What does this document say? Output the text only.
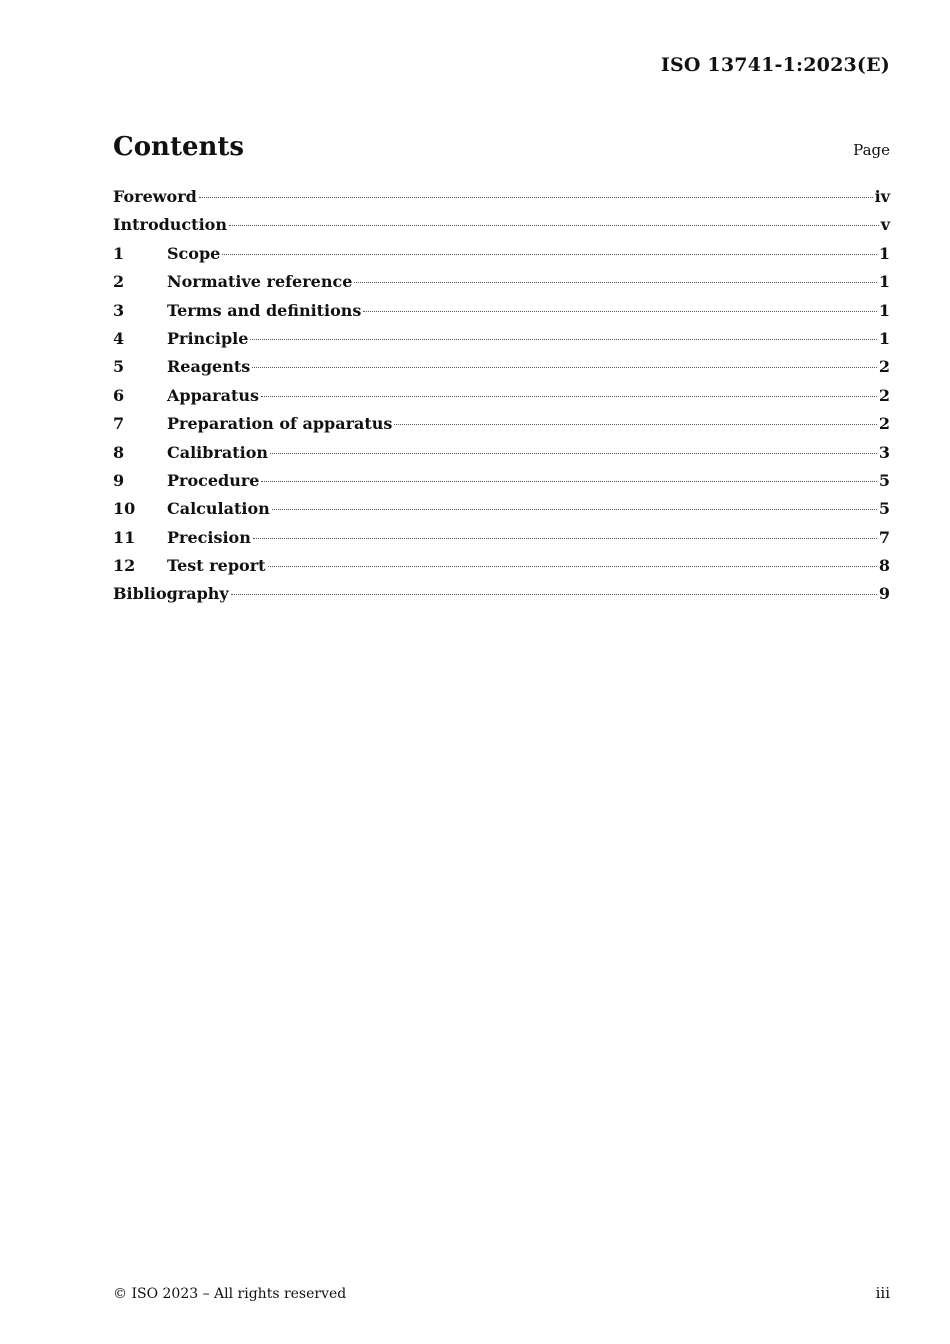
ISO 13741-1:2023(E)
Contents	Page
Foreword	iv
Introduction	v
1	Scope	1
2	Normative reference	1
3	Terms and definitions	1
4	Principle	1
5	Reagents	2
6	Apparatus	2
7	Preparation of apparatus	2
8	Calibration	3
9	Procedure	5
10	Calculation	5
11	Precision	7
12	Test report	8
Bibliography	9
© ISO 2023 – All rights reserved	iii
